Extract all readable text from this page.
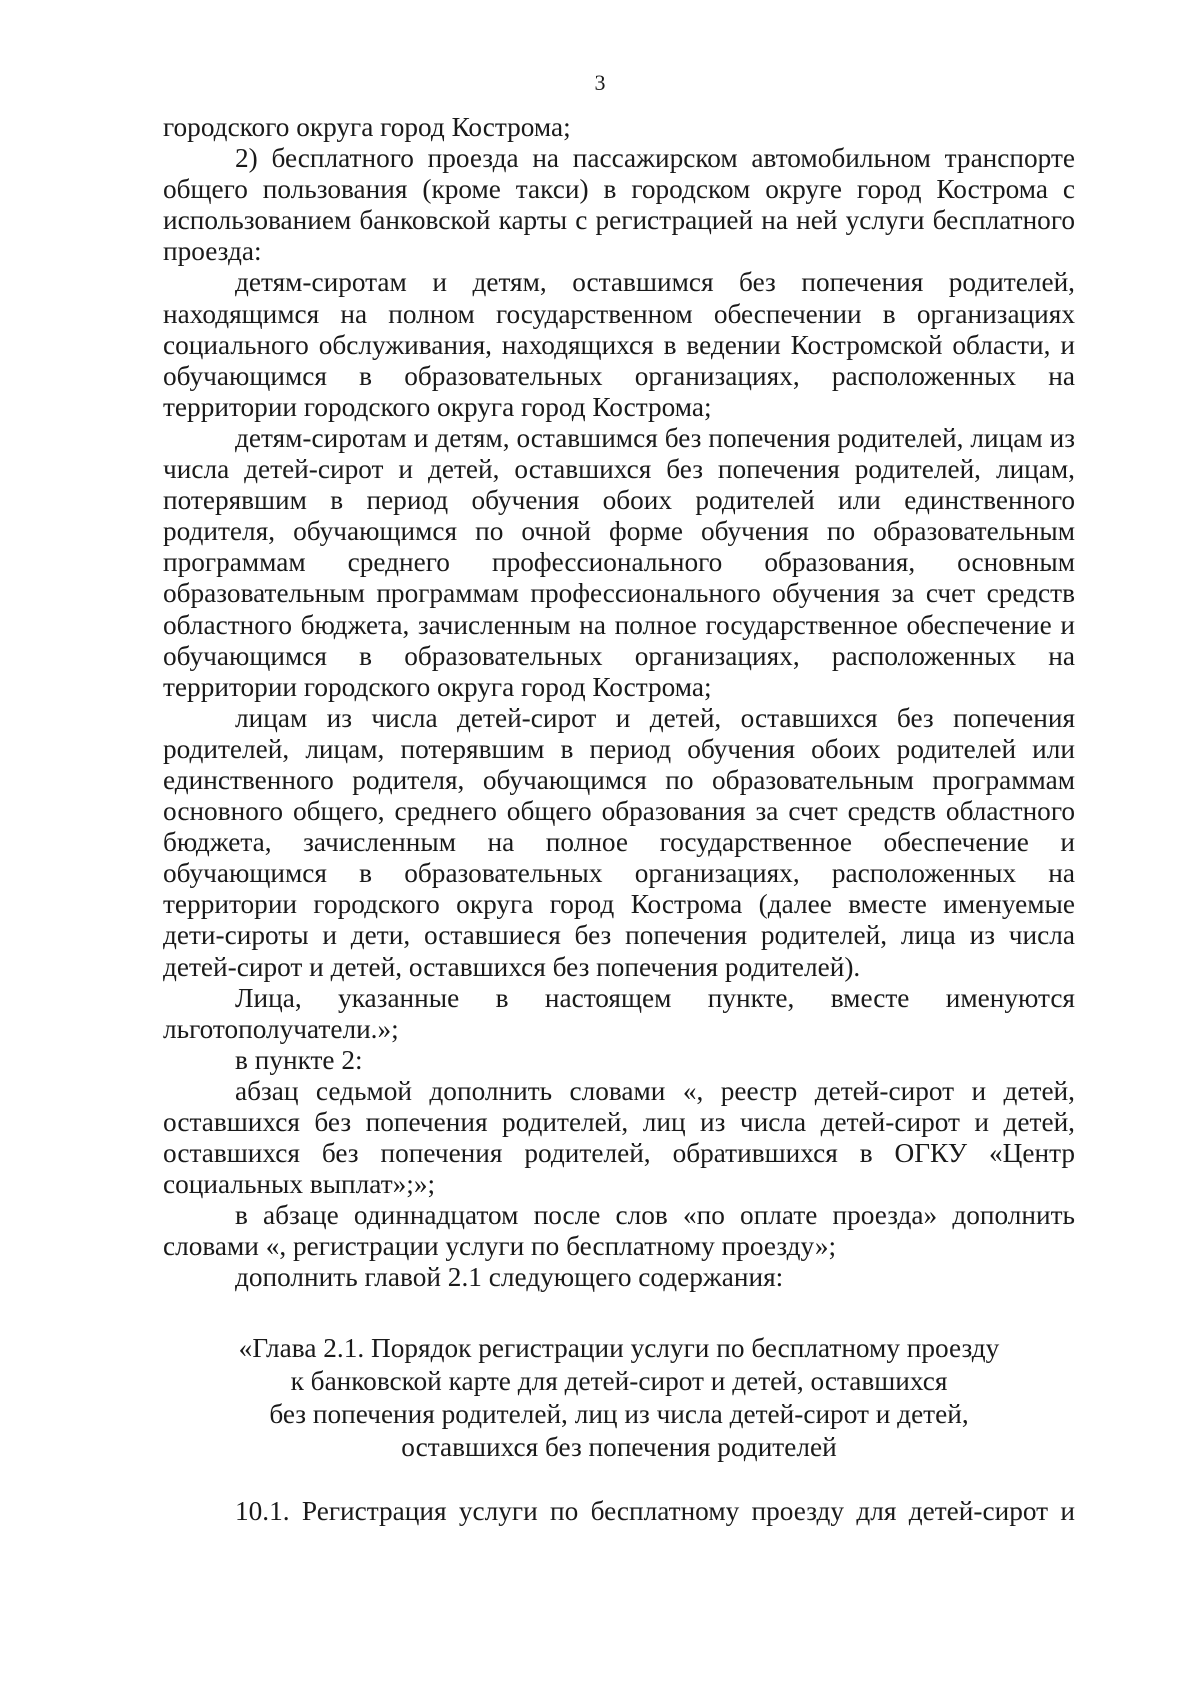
3

городского округа город Кострома;

2) бесплатного проезда на пассажирском автомобильном транспорте общего пользования (кроме такси) в городском округе город Кострома с использованием банковской карты с регистрацией на ней услуги бесплатного проезда:

детям-сиротам и детям, оставшимся без попечения родителей, находящимся на полном государственном обеспечении в организациях социального обслуживания, находящихся в ведении Костромской области, и обучающимся в образовательных организациях, расположенных на территории городского округа город Кострома;

детям-сиротам и детям, оставшимся без попечения родителей, лицам из числа детей-сирот и детей, оставшихся без попечения родителей, лицам, потерявшим в период обучения обоих родителей или единственного родителя, обучающимся по очной форме обучения по образовательным программам среднего профессионального образования, основным образовательным программам профессионального обучения за счет средств областного бюджета, зачисленным на полное государственное обеспечение и обучающимся в образовательных организациях, расположенных на территории городского округа город Кострома;

лицам из числа детей-сирот и детей, оставшихся без попечения родителей, лицам, потерявшим в период обучения обоих родителей или единственного родителя, обучающимся по образовательным программам основного общего, среднего общего образования за счет средств областного бюджета, зачисленным на полное государственное обеспечение и обучающимся в образовательных организациях, расположенных на территории городского округа город Кострома (далее вместе именуемые дети-сироты и дети, оставшиеся без попечения родителей, лица из числа детей-сирот и детей, оставшихся без попечения родителей).

Лица, указанные в настоящем пункте, вместе именуются льготополучатели.»;

в пункте 2:

абзац седьмой дополнить словами «, реестр детей-сирот и детей, оставшихся без попечения родителей, лиц из числа детей-сирот и детей, оставшихся без попечения родителей, обратившихся в ОГКУ «Центр социальных выплат»;»;

в абзаце одиннадцатом после слов «по оплате проезда» дополнить словами «, регистрации услуги по бесплатному проезду»;

дополнить главой 2.1 следующего содержания:

«Глава 2.1. Порядок регистрации услуги по бесплатному проезду
к банковской карте для детей-сирот и детей, оставшихся
без попечения родителей, лиц из числа детей-сирот и детей,
оставшихся без попечения родителей

10.1. Регистрация услуги по бесплатному проезду для детей-сирот и
